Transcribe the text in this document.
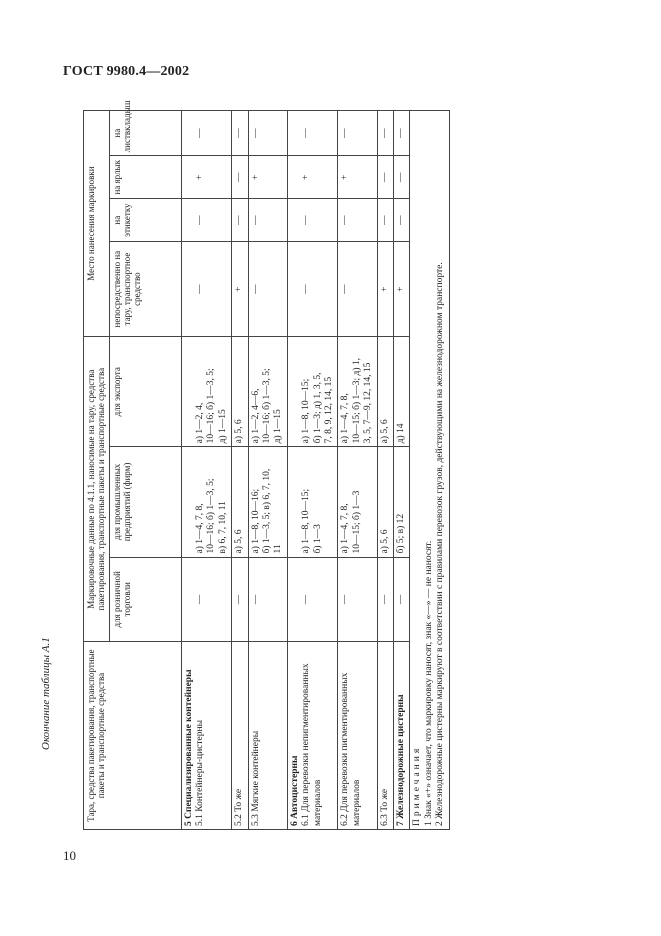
ГОСТ 9980.4—2002
Окончание таблицы А.1
10
Тара, средства пакетирования, транспортные пакеты и транспортные средства	Маркировочные данные по 4.1.1, наносимые на тару, средства пакетирования, транспортные пакеты и транспортные средства			Место нанесения маркировки			
	для розничной торговли	для промышленных предприятий (фирм)	для экспорта	непосредственно на тару, транспортное средство	на этикетку	на ярлык	на листвкладыш

5 Специализированные контейнеры 5.1 Контейнеры-цистерны	—	а) 1—4, 7, 8, 10—16; б) 1—3, 5; в) 6, 7, 10, 11	а) 1—2, 4, 10—16; б) 1—3, 5; д) 1—15	—	—	+	—

5.2 То же	—	а) 5, 6	а) 5, 6	+	—	—	—

5.3 Мягкие контейнеры	—	а) 1—8, 10—16; б) 1—3, 5; в) 6, 7, 10, 11	а) 1—2, 4—6, 10—16; б) 1—3, 5; д) 1—15	—	—	+	—

6 Автоцистерны 6.1 Для перевозки непигментированных материалов	—	а) 1—8, 10—15; б) 1—3	а) 1—8, 10—15; б) 1—3; д) 1, 3, 5, 7, 8, 9, 12, 14, 15	—	—	+	—

6.2 Для перевозки пигментированных материалов	—	а) 1—4, 7, 8, 10—15; б) 1—3	а) 1—4, 7, 8, 10—15; б) 1—3; д) 1, 3, 5, 7—9, 12, 14, 15	—	—	+	—

6.3 То же	—	а) 5, 6	а) 5, 6	+	—	—	—

7 Железнодорожные цистерны	—	б) 5; в) 12	д) 14	+	—	—	—

Примечания 1 Знак «+» означает, что маркировку наносят, знак «—» — не наносят. 2 Железнодорожные цистерны маркируют в соответствии с правилами перевозок грузов, действующими на железнодорожном транспорте.							
